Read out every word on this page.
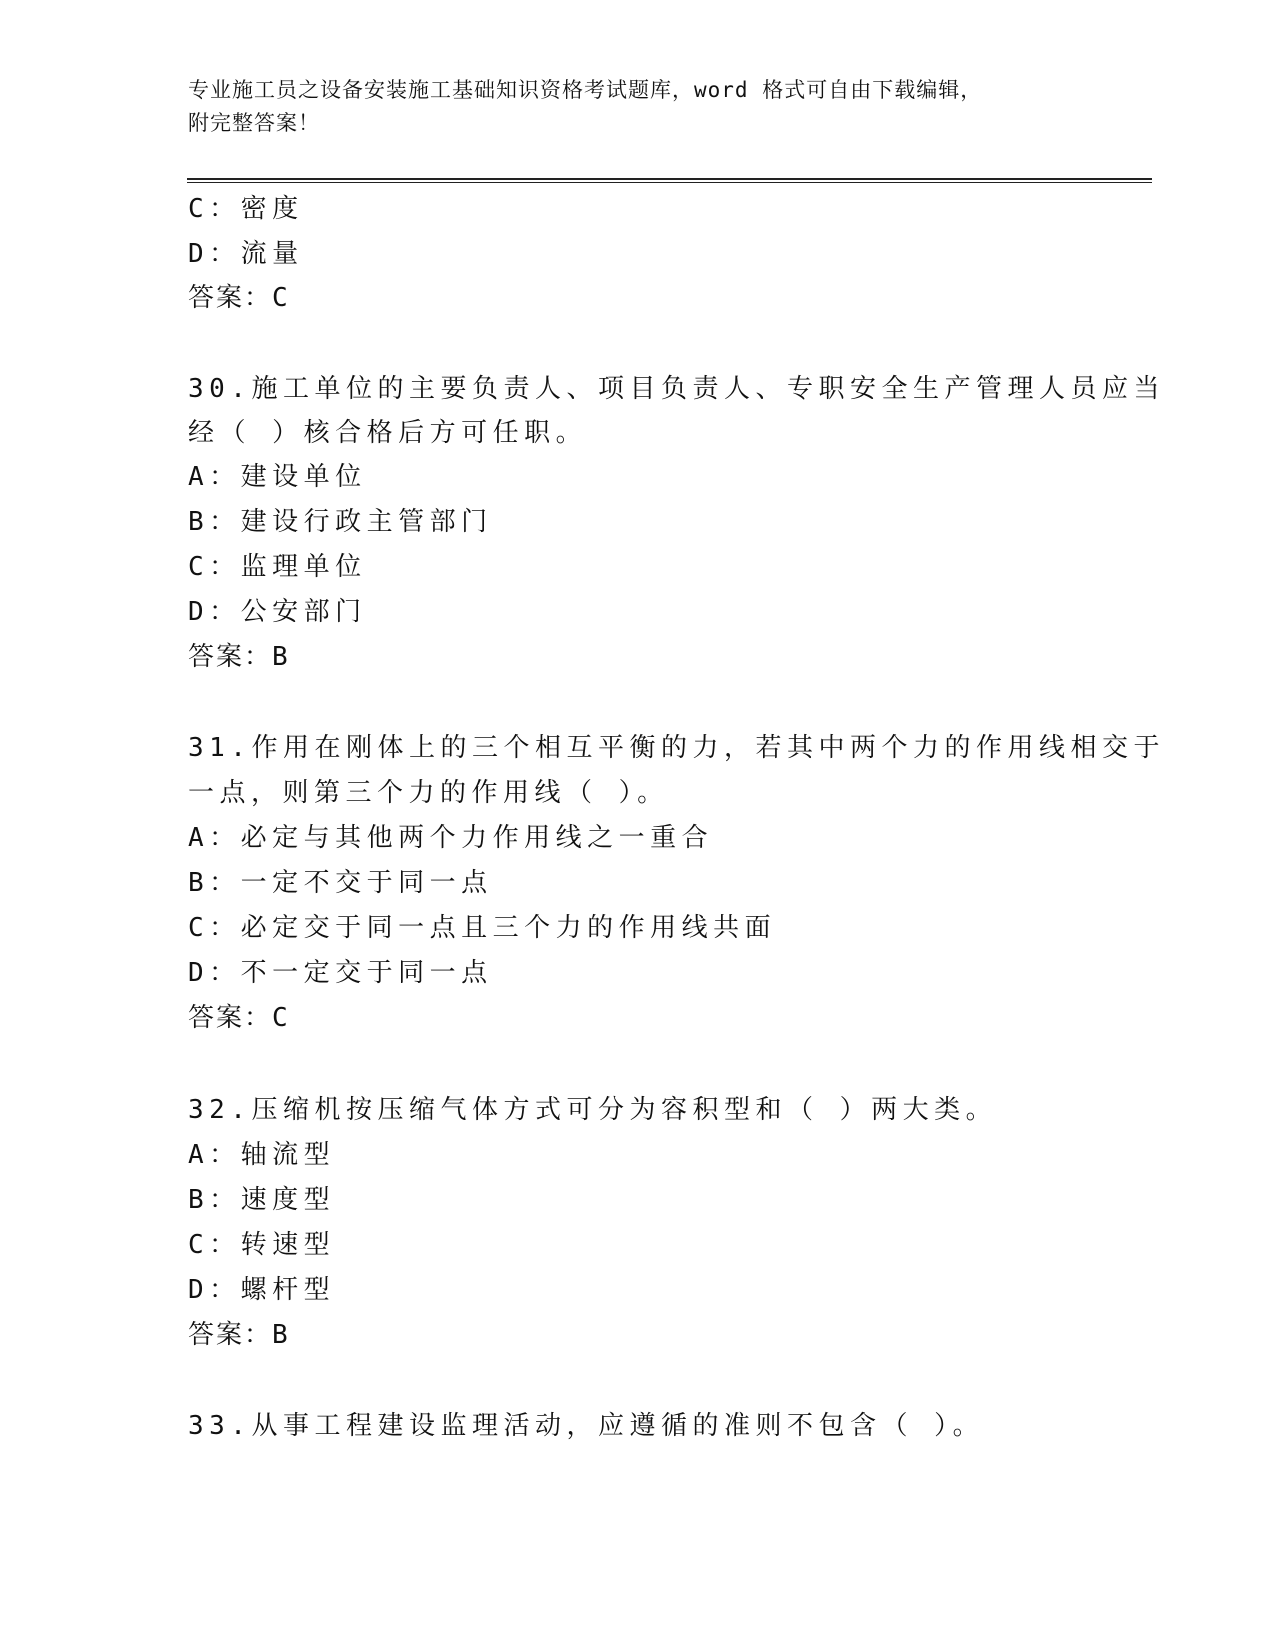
专业施工员之设备安装施工基础知识资格考试题库，word 格式可自由下载编辑，
附完整答案！
C：密度
D：流量
答案：C
30.施工单位的主要负责人、项目负责人、专职安全生产管理人员应当
经（ ）核合格后方可任职。
A：建设单位
B：建设行政主管部门
C：监理单位
D：公安部门
答案：B
31.作用在刚体上的三个相互平衡的力，若其中两个力的作用线相交于
一点，则第三个力的作用线（ ）。
A：必定与其他两个力作用线之一重合
B：一定不交于同一点
C：必定交于同一点且三个力的作用线共面
D：不一定交于同一点
答案：C
32.压缩机按压缩气体方式可分为容积型和（ ）两大类。
A：轴流型
B：速度型
C：转速型
D：螺杆型
答案：B
33.从事工程建设监理活动，应遵循的准则不包含（ ）。
